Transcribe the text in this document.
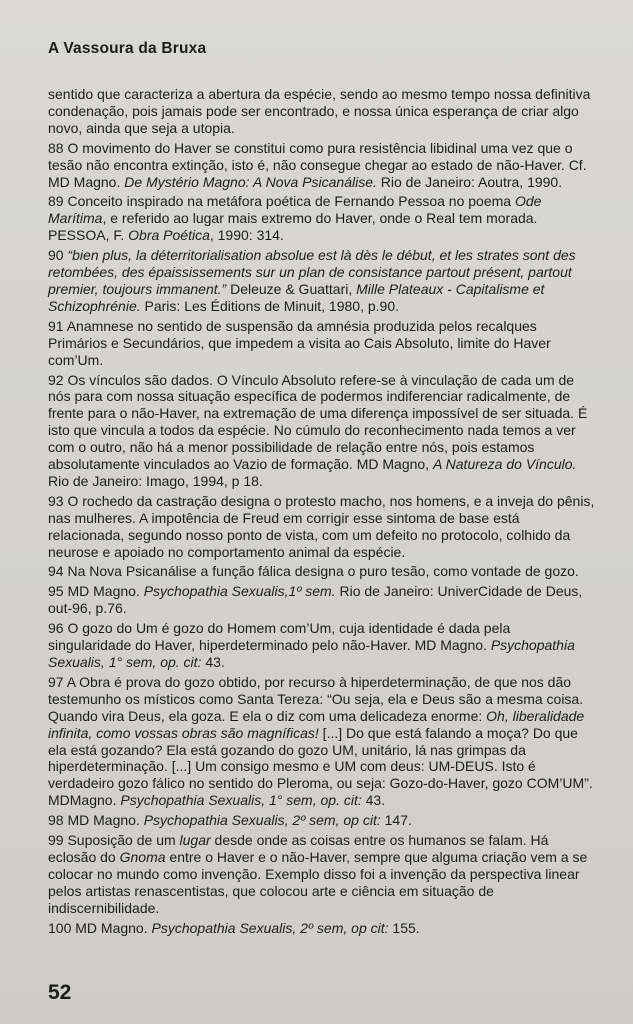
A Vassoura da Bruxa

sentido que caracteriza a abertura da espécie, sendo ao mesmo tempo nossa definitiva condenação, pois jamais pode ser encontrado, e nossa única esperança de criar algo novo, ainda que seja a utopia.

88 O movimento do Haver se constitui como pura resistência libidinal uma vez que o tesão não encontra extinção, isto é, não consegue chegar ao estado de não-Haver. Cf. MD Magno. De Mystério Magno: A Nova Psicanálise. Rio de Janeiro: Aoutra, 1990.

89 Conceito inspirado na metáfora poética de Fernando Pessoa no poema Ode Marítima, e referido ao lugar mais extremo do Haver, onde o Real tem morada. PESSOA, F. Obra Poética, 1990: 314.

90 “bien plus, la déterritorialisation absolue est là dès le début, et les strates sont des retombées, des épaississements sur un plan de consistance partout présent, partout premier, toujours immanent.” Deleuze & Guattari, Mille Plateaux - Capitalisme et Schizophrénie. Paris: Les Éditions de Minuit, 1980, p.90.

91 Anamnese no sentido de suspensão da amnésia produzida pelos recalques Primários e Secundários, que impedem a visita ao Cais Absoluto, limite do Haver com’Um.

92 Os vínculos são dados. O Vínculo Absoluto refere-se à vinculação de cada um de nós para com nossa situação específica de podermos indiferenciar radicalmente, de frente para o não-Haver, na extremação de uma diferença impossível de ser situada. É isto que vincula a todos da espécie. No cúmulo do reconhecimento nada temos a ver com o outro, não há a menor possibilidade de relação entre nós, pois estamos absolutamente vinculados ao Vazio de formação. MD Magno, A Natureza do Vínculo. Rio de Janeiro: Imago, 1994, p 18.

93 O rochedo da castração designa o protesto macho, nos homens, e a inveja do pênis, nas mulheres. A impotência de Freud em corrigir esse sintoma de base está relacionada, segundo nosso ponto de vista, com um defeito no protocolo, colhido da neurose e apoiado no comportamento animal da espécie.

94 Na Nova Psicanálise a função fálica designa o puro tesão, como vontade de gozo.

95 MD Magno. Psychopathia Sexualis,1º sem. Rio de Janeiro: UniverCidade de Deus, out-96, p.76.

96 O gozo do Um é gozo do Homem com’Um, cuja identidade é dada pela singularidade do Haver, hiperdeterminado pelo não-Haver. MD Magno. Psychopathia Sexualis, 1° sem, op. cit: 43.

97 A Obra é prova do gozo obtido, por recurso à hiperdeterminação, de que nos dão testemunho os místicos como Santa Tereza: “Ou seja, ela e Deus são a mesma coisa. Quando vira Deus, ela goza. E ela o diz com uma delicadeza enorme: Oh, liberalidade infinita, como vossas obras são magníficas! [...] Do que está falando a moça? Do que ela está gozando? Ela está gozando do gozo UM, unitário, lá nas grimpas da hiperdeterminação. [...] Um consigo mesmo e UM com deus: UM-DEUS. Isto é verdadeiro gozo fálico no sentido do Pleroma, ou seja: Gozo-do-Haver, gozo COM’UM”. MDMagno. Psychopathia Sexualis, 1° sem, op. cit: 43.

98 MD Magno. Psychopathia Sexualis, 2º sem, op cit: 147.

99 Suposição de um lugar desde onde as coisas entre os humanos se falam. Há eclosão do Gnoma entre o Haver e o não-Haver, sempre que alguma criação vem a se colocar no mundo como invenção. Exemplo disso foi a invenção da perspectiva linear pelos artistas renascentistas, que colocou arte e ciência em situação de indiscernibilidade.

100 MD Magno. Psychopathia Sexualis, 2º sem, op cit: 155.

52
